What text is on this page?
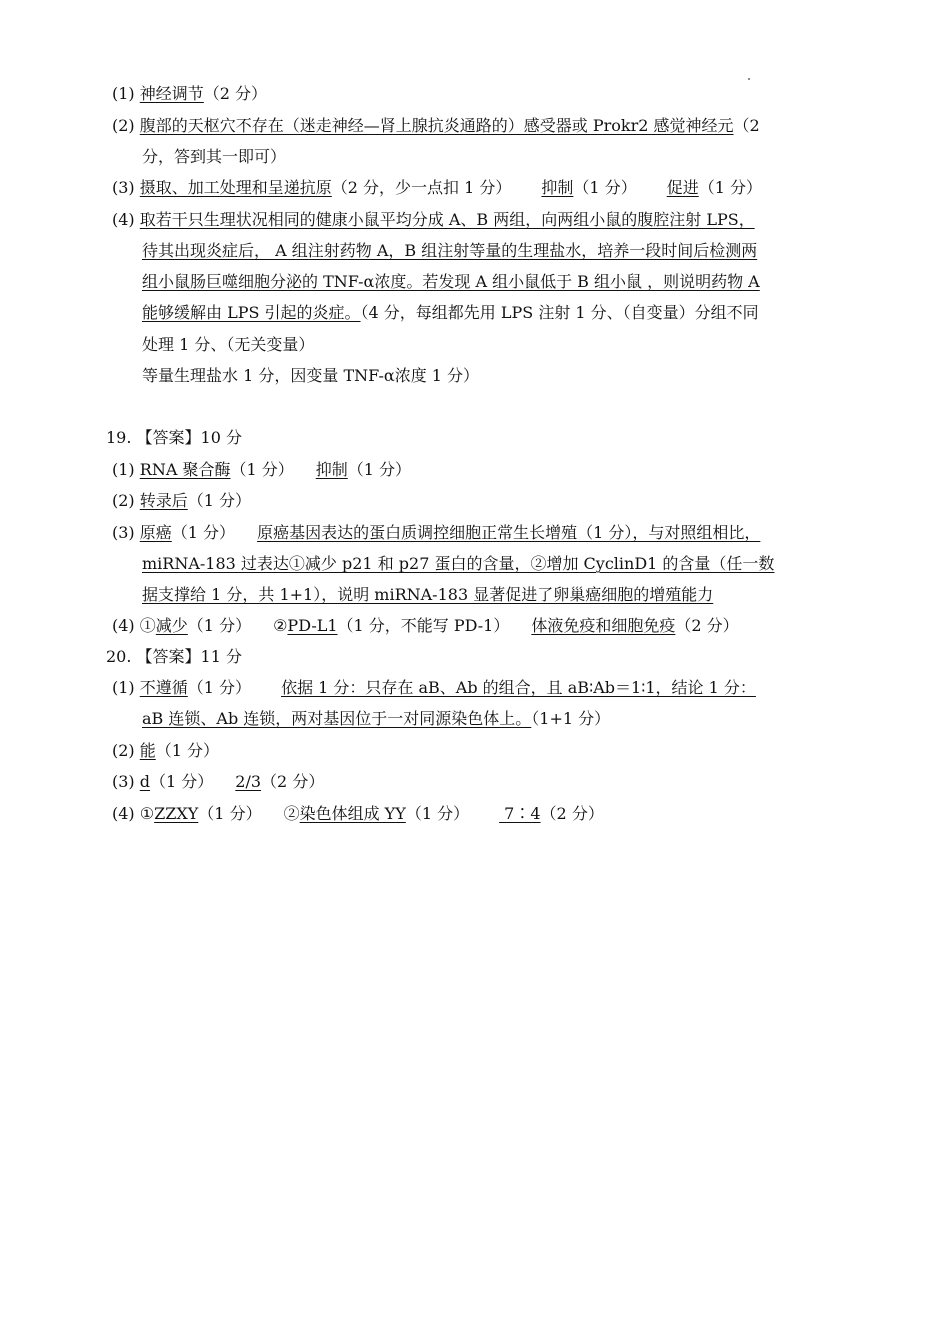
(1) 神经调节（2 分）
(2) 腹部的天枢穴不存在（迷走神经—肾上腺抗炎通路的）感受器或 Prokr2 感觉神经元（2
分，答到其一即可）
(3) 摄取、加工处理和呈递抗原（2 分，少一点扣 1 分） 抑制（1 分） 促进（1 分）
(4) 取若干只生理状况相同的健康小鼠平均分成 A、B 两组，向两组小鼠的腹腔注射 LPS，
待其出现炎症后， A 组注射药物 A，B 组注射等量的生理盐水，培养一段时间后检测两
组小鼠肠巨噬细胞分泌的 TNF-α浓度。若发现 A 组小鼠低于 B 组小鼠 ，则说明药物 A
能够缓解由 LPS 引起的炎症。（4 分，每组都先用 LPS 注射 1 分、（自变量）分组不同
处理 1 分、（无关变量）
等量生理盐水 1 分，因变量 TNF-α浓度 1 分）
19. 【答案】10 分
(1) RNA 聚合酶（1 分） 抑制（1 分）
(2) 转录后（1 分）
(3) 原癌（1 分） 原癌基因表达的蛋白质调控细胞正常生长增殖（1 分），与对照组相比，
miRNA-183 过表达①减少 p21 和 p27 蛋白的含量，②增加 CyclinD1 的含量（任一数
据支撑给 1 分，共 1+1），说明 miRNA-183 显著促进了卵巢癌细胞的增殖能力
(4) ①减少（1 分） ②PD-L1（1 分，不能写 PD-1） 体液免疫和细胞免疫（2 分）
20. 【答案】11 分
(1) 不遵循（1 分） 依据 1 分：只存在 aB、Ab 的组合，且 aB∶Ab＝1∶1，结论 1 分：
aB 连锁、Ab 连锁，两对基因位于一对同源染色体上。（1+1 分）
(2) 能（1 分）
(3) d（1 分） 2/3（2 分）
(4) ①ZZXY（1 分） ②染色体组成 YY（1 分） 7∶4（2 分）
